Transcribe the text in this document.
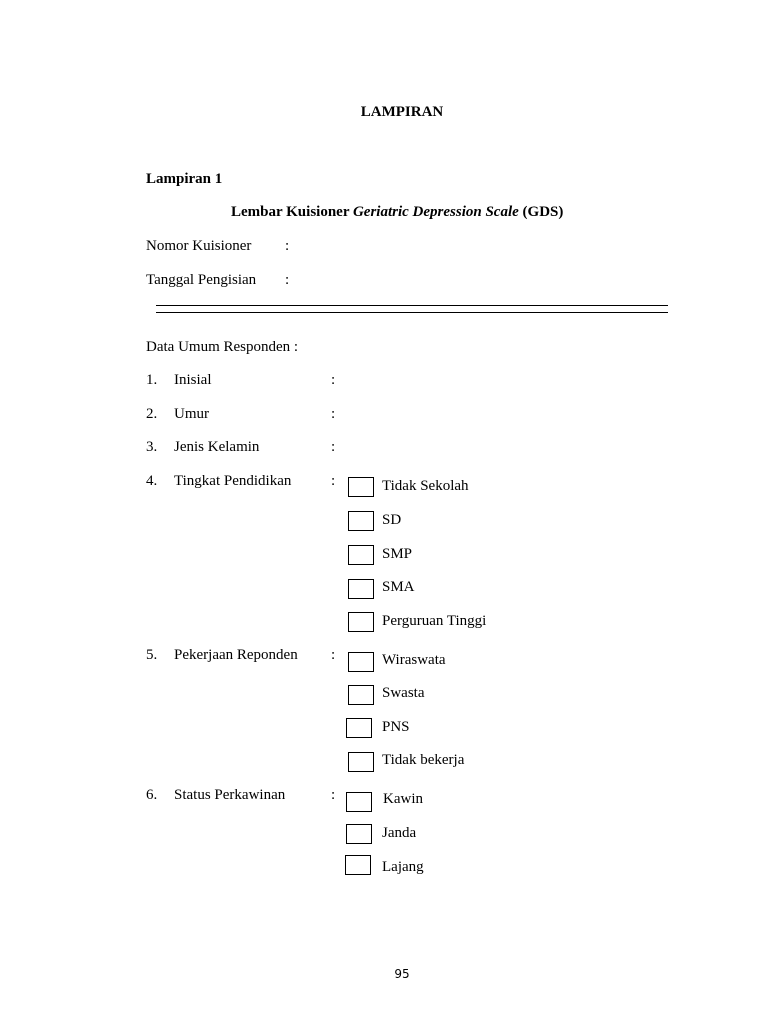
LAMPIRAN
Lampiran 1
Lembar Kuisioner Geriatric Depression Scale (GDS)
Nomor Kuisioner :
Tanggal Pengisian :
Data Umum Responden :
1. Inisial	:
2. Umur	:
3. Jenis Kelamin	:
4. Tingkat Pendidikan	:	Tidak Sekolah
SD
SMP
SMA
Perguruan Tinggi
5. Pekerjaan Reponden :	Wiraswata
Swasta
PNS
Tidak bekerja
6. Status Perkawinan	:	Kawin
Janda
Lajang
95
